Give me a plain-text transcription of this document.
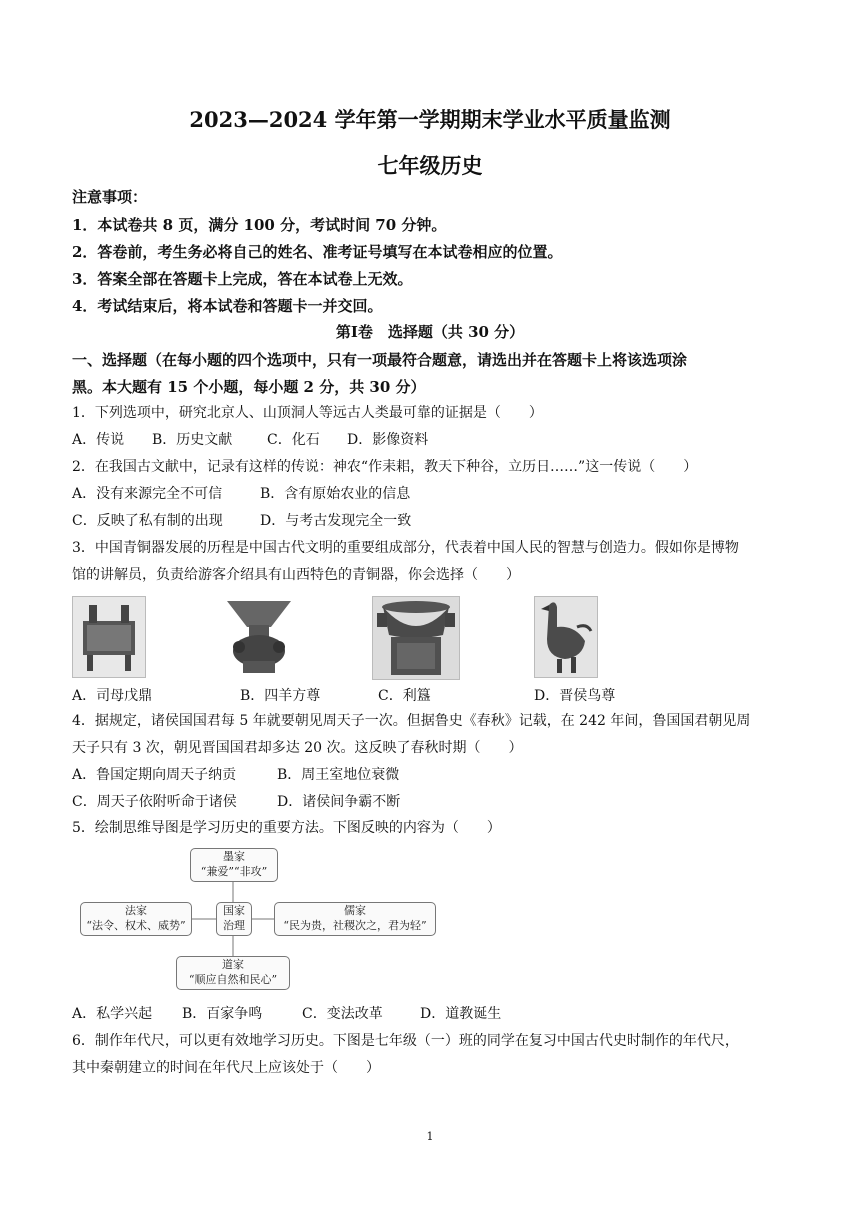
2023—2024 学年第一学期期末学业水平质量监测
七年级历史
注意事项：
1．本试卷共 8 页，满分 100 分，考试时间 70 分钟。
2．答卷前，考生务必将自己的姓名、准考证号填写在本试卷相应的位置。
3．答案全部在答题卡上完成，答在本试卷上无效。
4．考试结束后，将本试卷和答题卡一并交回。
第Ⅰ卷　选择题（共 30 分）
一、选择题（在每小题的四个选项中，只有一项最符合题意，请选出并在答题卡上将该选项涂
黑。本大题有 15 个小题，每小题 2 分，共 30 分）
1．下列选项中，研究北京人、山顶洞人等远古人类最可靠的证据是（　　）
A．传说 B．历史文献 C．化石 D．影像资料
2．在我国古文献中，记录有这样的传说：神农“作耒耜，教天下种谷，立历日……”这一传说（　　）
A．没有来源完全不可信	B．含有原始农业的信息
C．反映了私有制的出现	D．与考古发现完全一致
3．中国青铜器发展的历程是中国古代文明的重要组成部分，代表着中国人民的智慧与创造力。假如你是博物
馆的讲解员，负责给游客介绍具有山西特色的青铜器，你会选择（　　）
A．司母戊鼎	B．四羊方尊	C．利簋	D．晋侯鸟尊
4．据规定，诸侯国国君每 5 年就要朝见周天子一次。但据鲁史《春秋》记载，在 242 年间，鲁国国君朝见周
天子只有 3 次，朝见晋国国君却多达 20 次。这反映了春秋时期（　　）
A．鲁国定期向周天子纳贡	B．周王室地位衰微
C．周天子依附听命于诸侯	D．诸侯间争霸不断
5．绘制思维导图是学习历史的重要方法。下图反映的内容为（　　）
墨家
“兼爱”“非攻”
法家
“法令、权术、威势”
国家
治理
儒家
“民为贵，社稷次之，君为轻”
道家
“顺应自然和民心”
A．私学兴起 B．百家争鸣	C．变法改革	D．道教诞生
6．制作年代尺，可以更有效地学习历史。下图是七年级（一）班的同学在复习中国古代史时制作的年代尺，
其中秦朝建立的时间在年代尺上应该处于（　　）
1
